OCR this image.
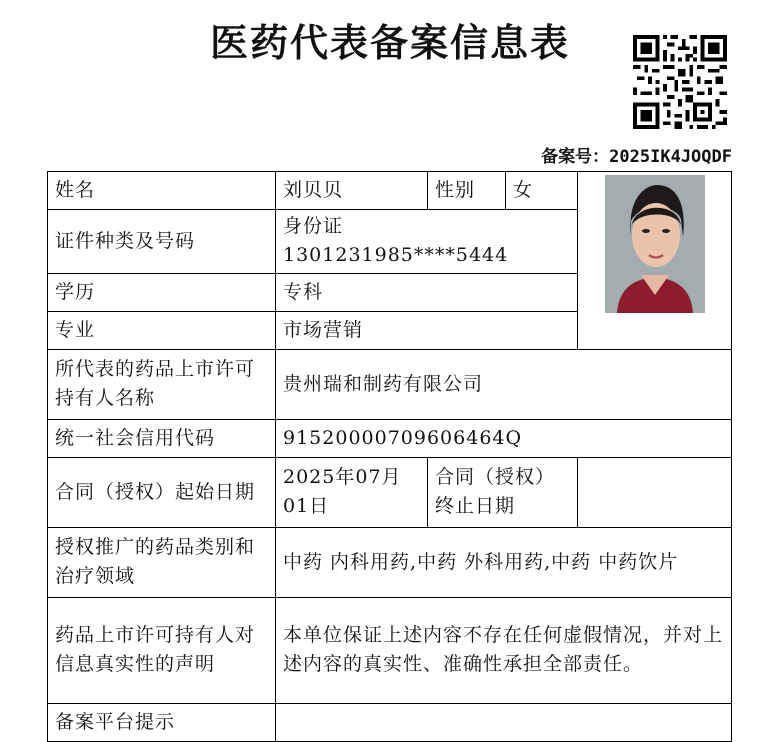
医药代表备案信息表
备案号：2025IK4JOQDF
姓名	刘贝贝	性别	女	

证件种类及号码	身份证 1301231985****5444			
学历	专科			
专业	市场营销			
所代表的药品上市许可持有人名称	贵州瑞和制药有限公司			
统一社会信用代码	91520000709606464Q			
合同（授权）起始日期	2025年07月01日	合同（授权）终止日期		
授权推广的药品类别和治疗领域	中药 内科用药,中药 外科用药,中药 中药饮片			
药品上市许可持有人对信息真实性的声明	本单位保证上述内容不存在任何虚假情况，并对上述内容的真实性、准确性承担全部责任。			
备案平台提示				
